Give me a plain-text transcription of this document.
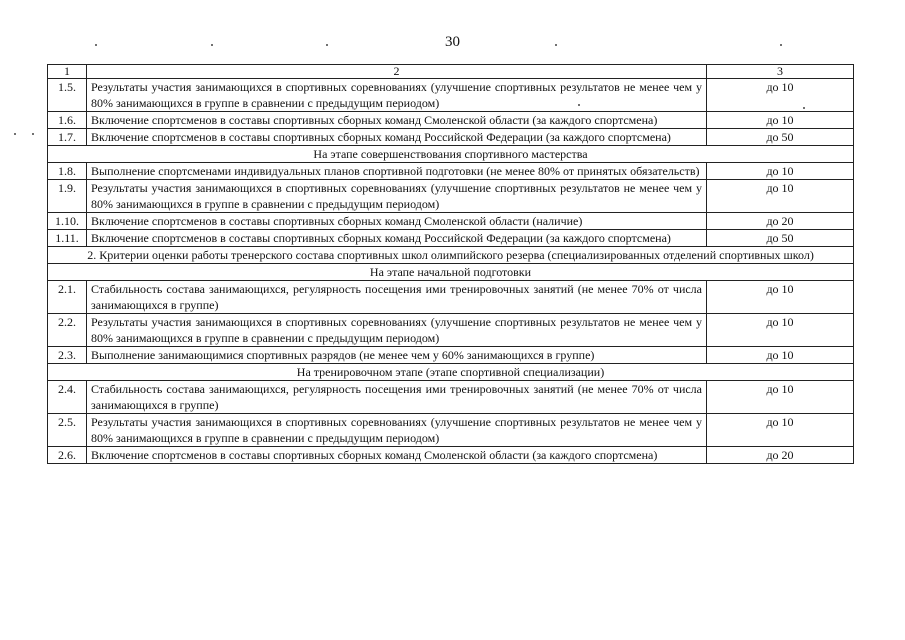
30
1	2	3
1.5.	Результаты участия занимающихся в спортивных соревнованиях (улучшение спортивных результатов не менее чем у 80% занимающихся в группе в сравнении с предыдущим периодом)	до 10
1.6.	Включение спортсменов в составы спортивных сборных команд Смоленской области (за каждого спортсмена)	до 10
1.7.	Включение спортсменов в составы спортивных сборных команд Российской Федерации (за каждого спортсмена)	до 50
На этапе совершенствования спортивного мастерства		
1.8.	Выполнение спортсменами индивидуальных планов спортивной подготовки (не менее 80% от принятых обязательств)	до 10
1.9.	Результаты участия занимающихся в спортивных соревнованиях (улучшение спортивных результатов не менее чем у 80% занимающихся в группе в сравнении с предыдущим периодом)	до 10
1.10.	Включение спортсменов в составы спортивных сборных команд Смоленской области (наличие)	до 20
1.11.	Включение спортсменов в составы спортивных сборных команд Российской Федерации (за каждого спортсмена)	до 50
2. Критерии оценки работы тренерского состава спортивных школ олимпийского резерва (специализированных отделений спортивных школ)		
На этапе начальной подготовки		
2.1.	Стабильность состава занимающихся, регулярность посещения ими тренировочных занятий (не менее 70% от числа занимающихся в группе)	до 10
2.2.	Результаты участия занимающихся в спортивных соревнованиях (улучшение спортивных результатов не менее чем у 80% занимающихся в группе в сравнении с предыдущим периодом)	до 10
2.3.	Выполнение занимающимися спортивных разрядов (не менее чем у 60% занимающихся в группе)	до 10
На тренировочном этапе (этапе спортивной специализации)		
2.4.	Стабильность состава занимающихся, регулярность посещения ими тренировочных занятий (не менее 70% от числа занимающихся в группе)	до 10
2.5.	Результаты участия занимающихся в спортивных соревнованиях (улучшение спортивных результатов не менее чем у 80% занимающихся в группе в сравнении с предыдущим периодом)	до 10
2.6.	Включение спортсменов в составы спортивных сборных команд Смоленской области (за каждого спортсмена)	до 20
